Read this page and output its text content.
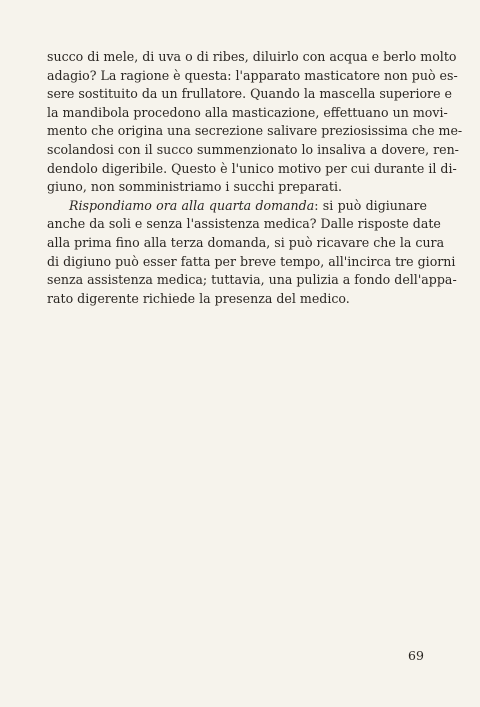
succo di mele, di uva o di ribes, diluirlo con acqua e berlo molto
adagio? La ragione è questa: l'apparato masticatore non può es-
sere sostituito da un frullatore. Quando la mascella superiore e
la mandibola procedono alla masticazione, effettuano un movi-
mento che origina una secrezione salivare preziosissima che me-
scolandosi con il succo summenzionato lo insaliva a dovere, ren-
dendolo digeribile. Questo è l'unico motivo per cui durante il di-
giuno, non somministriamo i succhi preparati.
Rispondiamo ora alla quarta domanda: si può digiunare
anche da soli e senza l'assistenza medica? Dalle risposte date
alla prima fino alla terza domanda, si può ricavare che la cura
di digiuno può esser fatta per breve tempo, all'incirca tre giorni
senza assistenza medica; tuttavia, una pulizia a fondo dell'appa-
rato digerente richiede la presenza del medico.
69
